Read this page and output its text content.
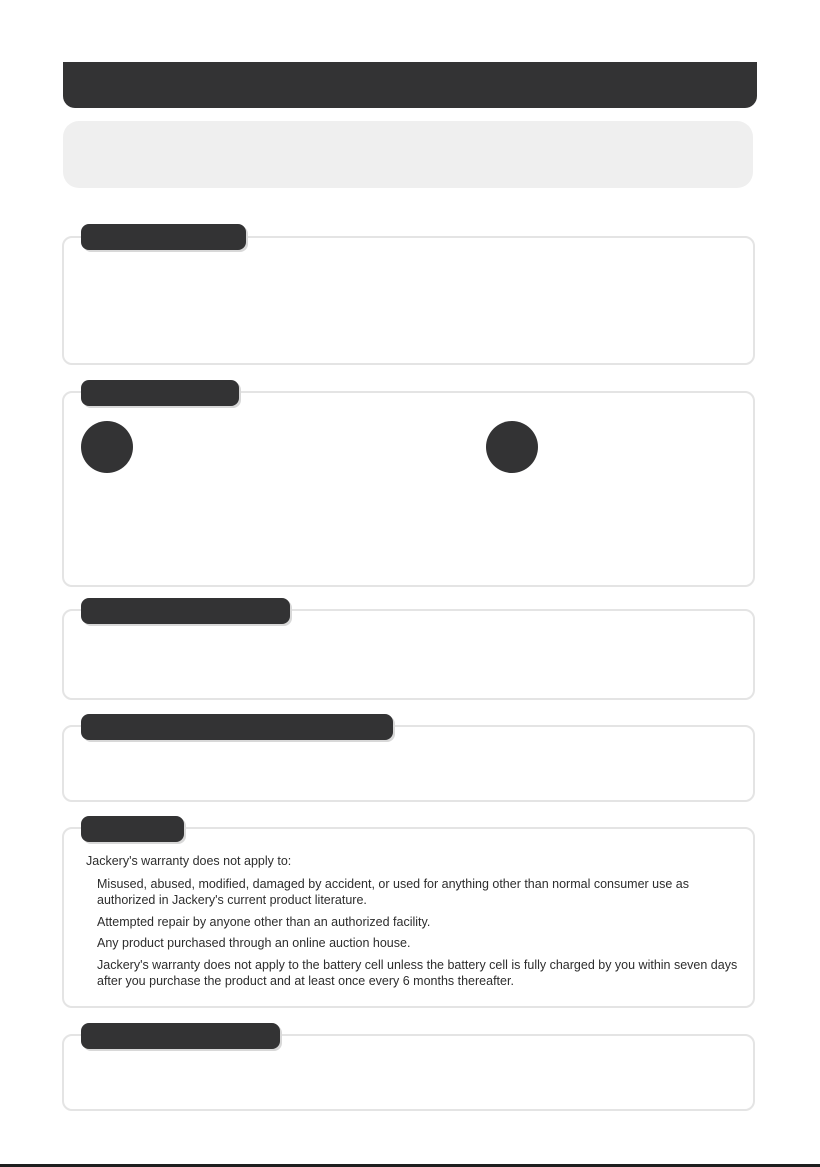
Jackery's warranty does not apply to:

Misused, abused, modified, damaged by accident, or used for anything other than normal consumer use as authorized in Jackery's current product literature.
Attempted repair by anyone other than an authorized facility.
Any product purchased through an online auction house.
Jackery's warranty does not apply to the battery cell unless the battery cell is fully charged by you within seven days after you purchase the product and at least once every 6 months thereafter.
